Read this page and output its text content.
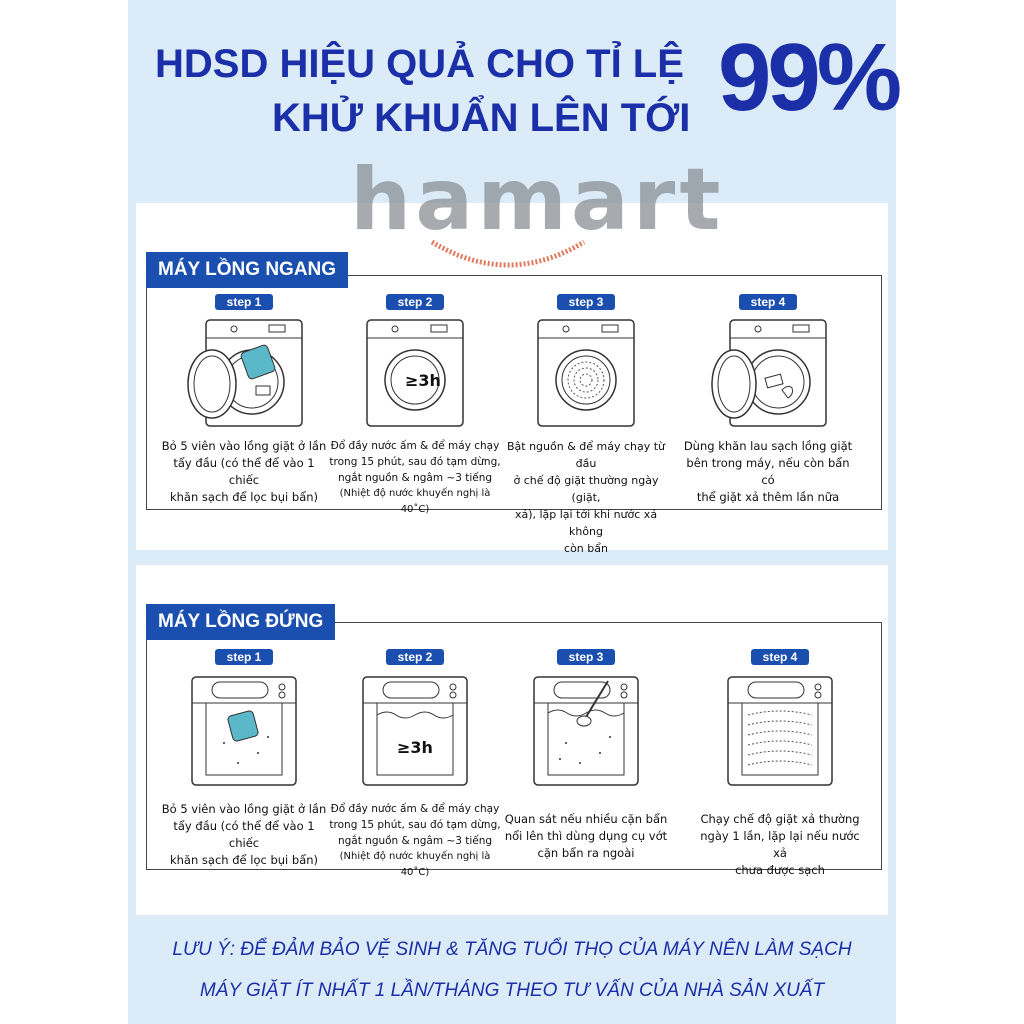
HDSD HIỆU QUẢ CHO TỈ LỆ
KHỬ KHUẨN LÊN TỚI 99%
hamart
MÁY LỒNG NGANG
MÁY LỒNG ĐỨNG
step 1
Bỏ 5 viên vào lồng giặt ở lần
tẩy đầu (có thể để vào 1 chiếc
khăn sạch để lọc bụi bẩn)
step 2
≥3h
Đổ đầy nước ấm & để máy chạy
trong 15 phút, sau đó tạm dừng,
ngắt nguồn & ngâm ~3 tiếng
(Nhiệt độ nước khuyến nghị là 40˚C)
step 3
Bật nguồn & để máy chạy từ đầu
ở chế độ giặt thường ngày (giặt,
xả), lặp lại tới khi nước xả không
còn bẩn
step 4
Dùng khăn lau sạch lồng giặt
bên trong máy, nếu còn bẩn có
thể giặt xả thêm lần nữa
step 1
Bỏ 5 viên vào lồng giặt ở lần
tẩy đầu (có thể để vào 1 chiếc
khăn sạch để lọc bụi bẩn)
step 2
≥3h
Đổ đầy nước ấm & để máy chạy
trong 15 phút, sau đó tạm dừng,
ngắt nguồn & ngâm ~3 tiếng
(Nhiệt độ nước khuyến nghị là 40˚C)
step 3
Quan sát nếu nhiều cặn bẩn
nổi lên thì dùng dụng cụ vớt
cặn bẩn ra ngoài
step 4
Chạy chế độ giặt xả thường
ngày 1 lần, lặp lại nếu nước xả
chưa được sạch
LƯU Ý: ĐỂ ĐẢM BẢO VỆ SINH & TĂNG TUỔI THỌ CỦA MÁY NÊN LÀM SẠCH
MÁY GIẶT ÍT NHẤT 1 LẦN/THÁNG THEO TƯ VẤN CỦA NHÀ SẢN XUẤT
